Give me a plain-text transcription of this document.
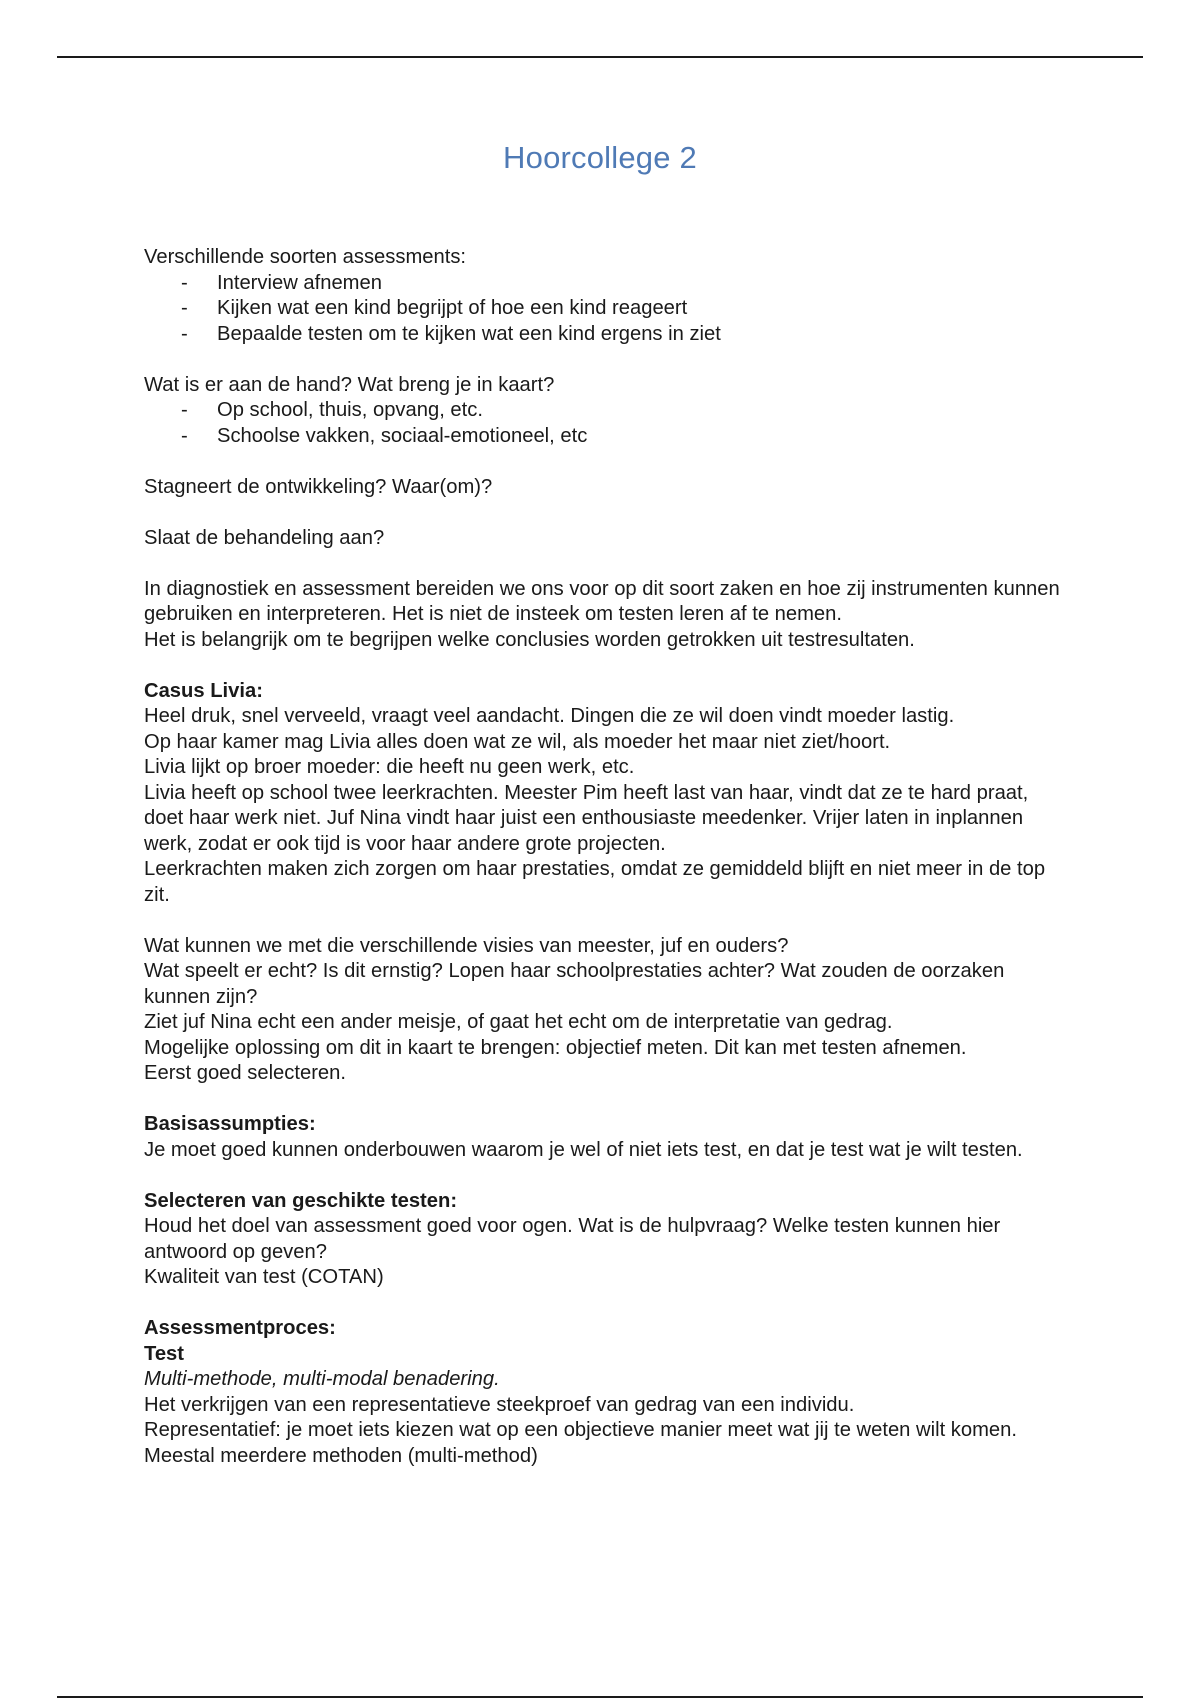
Hoorcollege 2

Verschillende soorten assessments:

- Interview afnemen
- Kijken wat een kind begrijpt of hoe een kind reageert
- Bepaalde testen om te kijken wat een kind ergens in ziet

Wat is er aan de hand? Wat breng je in kaart?

- Op school, thuis, opvang, etc.
- Schoolse vakken, sociaal-emotioneel, etc

Stagneert de ontwikkeling? Waar(om)?

Slaat de behandeling aan?

In diagnostiek en assessment bereiden we ons voor op dit soort zaken en hoe zij instrumenten kunnen gebruiken en interpreteren. Het is niet de insteek om testen leren af te nemen.

Het is belangrijk om te begrijpen welke conclusies worden getrokken uit testresultaten.

Casus Livia:

Heel druk, snel verveeld, vraagt veel aandacht. Dingen die ze wil doen vindt moeder lastig.

Op haar kamer mag Livia alles doen wat ze wil, als moeder het maar niet ziet/hoort.

Livia lijkt op broer moeder: die heeft nu geen werk, etc.

Livia heeft op school twee leerkrachten. Meester Pim heeft last van haar, vindt dat ze te hard praat, doet haar werk niet. Juf Nina vindt haar juist een enthousiaste meedenker. Vrijer laten in inplannen werk, zodat er ook tijd is voor haar andere grote projecten.

Leerkrachten maken zich zorgen om haar prestaties, omdat ze gemiddeld blijft en niet meer in de top zit.

Wat kunnen we met die verschillende visies van meester, juf en ouders?

Wat speelt er echt? Is dit ernstig? Lopen haar schoolprestaties achter? Wat zouden de oorzaken kunnen zijn?

Ziet juf Nina echt een ander meisje, of gaat het echt om de interpretatie van gedrag.

Mogelijke oplossing om dit in kaart te brengen: objectief meten. Dit kan met testen afnemen.

Eerst goed selecteren.

Basisassumpties:

Je moet goed kunnen onderbouwen waarom je wel of niet iets test, en dat je test wat je wilt testen.

Selecteren van geschikte testen:

Houd het doel van assessment goed voor ogen. Wat is de hulpvraag? Welke testen kunnen hier antwoord op geven?

Kwaliteit van test (COTAN)

Assessmentproces:

Test

Multi-methode, multi-modal benadering.

Het verkrijgen van een representatieve steekproef van gedrag van een individu.

Representatief: je moet iets kiezen wat op een objectieve manier meet wat jij te weten wilt komen. Meestal meerdere methoden (multi-method)
